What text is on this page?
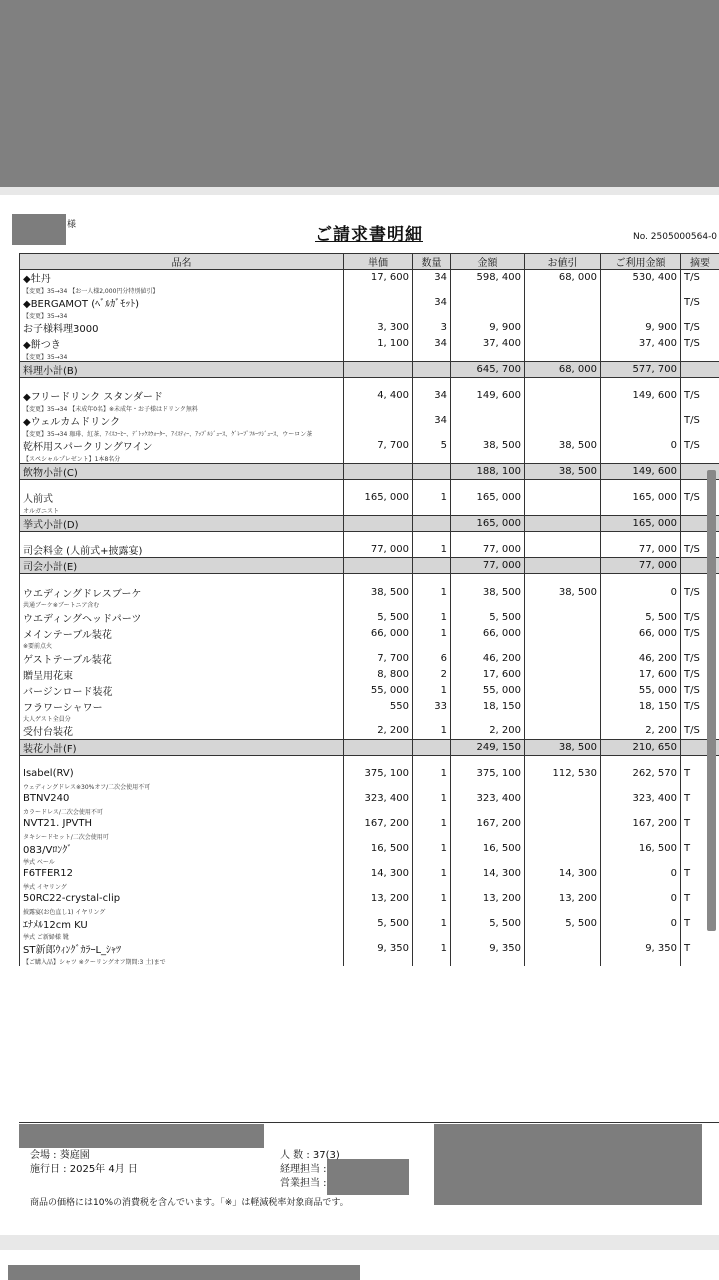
様	ご請求書明細	No. 2505000564-0
品名	単価	数量	金額	お値引	ご利用金額	摘要
◆牡丹	17, 600	34	598, 400	68, 000	530, 400	T/S
【変更】35→34 【お一人様2,000円分特別値引】						
◆BERGAMOT (ﾍﾞﾙｶﾞﾓｯﾄ)		34				T/S
【変更】35→34						
お子様料理3000	3, 300	3	9, 900		9, 900	T/S
◆餅つき	1, 100	34	37, 400		37, 400	T/S
【変更】35→34						
料理小計(B)			645, 700	68, 000	577, 700	

◆フリードリンク スタンダード	4, 400	34	149, 600		149, 600	T/S
【変更】35→34 【未成年0名】※未成年・お子様はドリンク無料						
◆ウェルカムドリンク		34				T/S
【変更】35→34 珈琲、紅茶、ｱｲｽｺｰﾋｰ、ﾃﾞﾄｯｸｽｳｫｰﾀｰ、ｱｲｽﾃｨｰ、ｱｯﾌﾟﾙｼﾞｭｰｽ、ｸﾞﾚｰﾌﾟﾌﾙｰﾂｼﾞｭｰｽ、ウーロン茶						
乾杯用スパークリングワイン	7, 700	5	38, 500	38, 500	0	T/S
【スペシャルプレゼント】1本8名分						
飲物小計(C)			188, 100	38, 500	149, 600	

人前式	165, 000	1	165, 000		165, 000	T/S
オルガニスト						
挙式小計(D)			165, 000		165, 000	

司会料金 (人前式+披露宴)	77, 000	1	77, 000		77, 000	T/S
司会小計(E)			77, 000		77, 000	

ウエディングドレスブーケ	38, 500	1	38, 500	38, 500	0	T/S
共通ブーケ※ブートニア含む						
ウエディングヘッドパーツ	5, 500	1	5, 500		5, 500	T/S
メインテーブル装花	66, 000	1	66, 000		66, 000	T/S
※要前点火						
ゲストテーブル装花	7, 700	6	46, 200		46, 200	T/S
贈呈用花束	8, 800	2	17, 600		17, 600	T/S
バージンロード装花	55, 000	1	55, 000		55, 000	T/S
フラワーシャワー	550	33	18, 150		18, 150	T/S
大人ゲスト全員分						
受付台装花	2, 200	1	2, 200		2, 200	T/S
装花小計(F)			249, 150	38, 500	210, 650	

Isabel(RV)	375, 100	1	375, 100	112, 530	262, 570	T
ウェディングドレス※30%オフ/二次会使用不可						
BTNV240	323, 400	1	323, 400		323, 400	T
カラードレス/二次会使用不可						
NVT21. JPVTH	167, 200	1	167, 200		167, 200	T
タキシードセット/二次会使用可						
083/Vﾛﾝｸﾞ	16, 500	1	16, 500		16, 500	T
挙式 ベール						
F6TFER12	14, 300	1	14, 300	14, 300	0	T
挙式 イヤリング						
50RC22-crystal-clip	13, 200	1	13, 200	13, 200	0	T
披露宴(お色直し1) イヤリング						
ｴﾅﾒﾙ12cm KU	5, 500	1	5, 500	5, 500	0	T
挙式 ご新婦様 靴						
ST新郎ｳｨﾝｸﾞｶﾗｰL_ｼｬﾂ	9, 350	1	9, 350		9, 350	T
【ご購入品】シャツ ※クーリングオフ期間:3 土)まで						
会場 : 葵庭園
施行日 : 2025年 4月 日
人 数 : 37(3)
経理担当 :
営業担当 :
商品の価格には10%の消費税を含んでいます。「※」は軽減税率対象商品です。
